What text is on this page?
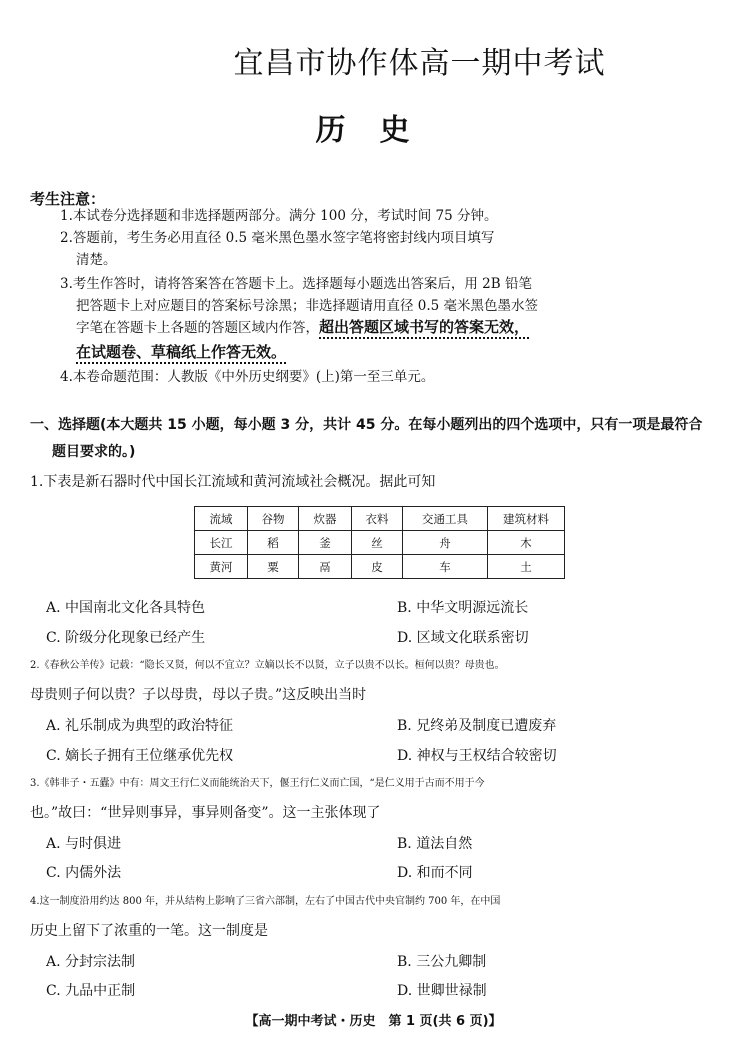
宜昌市协作体高一期中考试
历史
考生注意：
1.本试卷分选择题和非选择题两部分。满分 100 分，考试时间 75 分钟。
2.答题前，考生务必用直径 0.5 毫米黑色墨水签字笔将密封线内项目填写
清楚。
3.考生作答时，请将答案答在答题卡上。选择题每小题选出答案后，用 2B 铅笔
把答题卡上对应题目的答案标号涂黑；非选择题请用直径 0.5 毫米黑色墨水签
字笔在答题卡上各题的答题区域内作答，超出答题区域书写的答案无效，
在试题卷、草稿纸上作答无效。
4.本卷命题范围：人教版《中外历史纲要》(上)第一至三单元。
一、选择题(本大题共 15 小题，每小题 3 分，共计 45 分。在每小题列出的四个选项中，只有一项是最符合
题目要求的。)
1.下表是新石器时代中国长江流域和黄河流域社会概况。据此可知
流域	谷物	炊器	衣料	交通工具	建筑材料
长江	稻	釜	丝	舟	木
黄河	粟	鬲	皮	车	土
A. 中国南北文化各具特色	B. 中华文明源远流长
C. 阶级分化现象已经产生	D. 区域文化联系密切
2.《春秋公羊传》记载：“隐长又贤，何以不宜立？立嫡以长不以贤，立子以贵不以长。桓何以贵？母贵也。
母贵则子何以贵？子以母贵，母以子贵。”这反映出当时
A. 礼乐制成为典型的政治特征	B. 兄终弟及制度已遭废弃
C. 嫡长子拥有王位继承优先权	D. 神权与王权结合较密切
3.《韩非子・五蠹》中有：周文王行仁义而能统治天下，偃王行仁义而亡国，“是仁义用于古而不用于今
也。”故曰：“世异则事异，事异则备变”。这一主张体现了
A. 与时俱进	B. 道法自然
C. 内儒外法	D. 和而不同
4.这一制度沿用约达 800 年，并从结构上影响了三省六部制，左右了中国古代中央官制约 700 年，在中国
历史上留下了浓重的一笔。这一制度是
A. 分封宗法制	B. 三公九卿制
C. 九品中正制	D. 世卿世禄制
【高一期中考试・历史　第 1 页(共 6 页)】
